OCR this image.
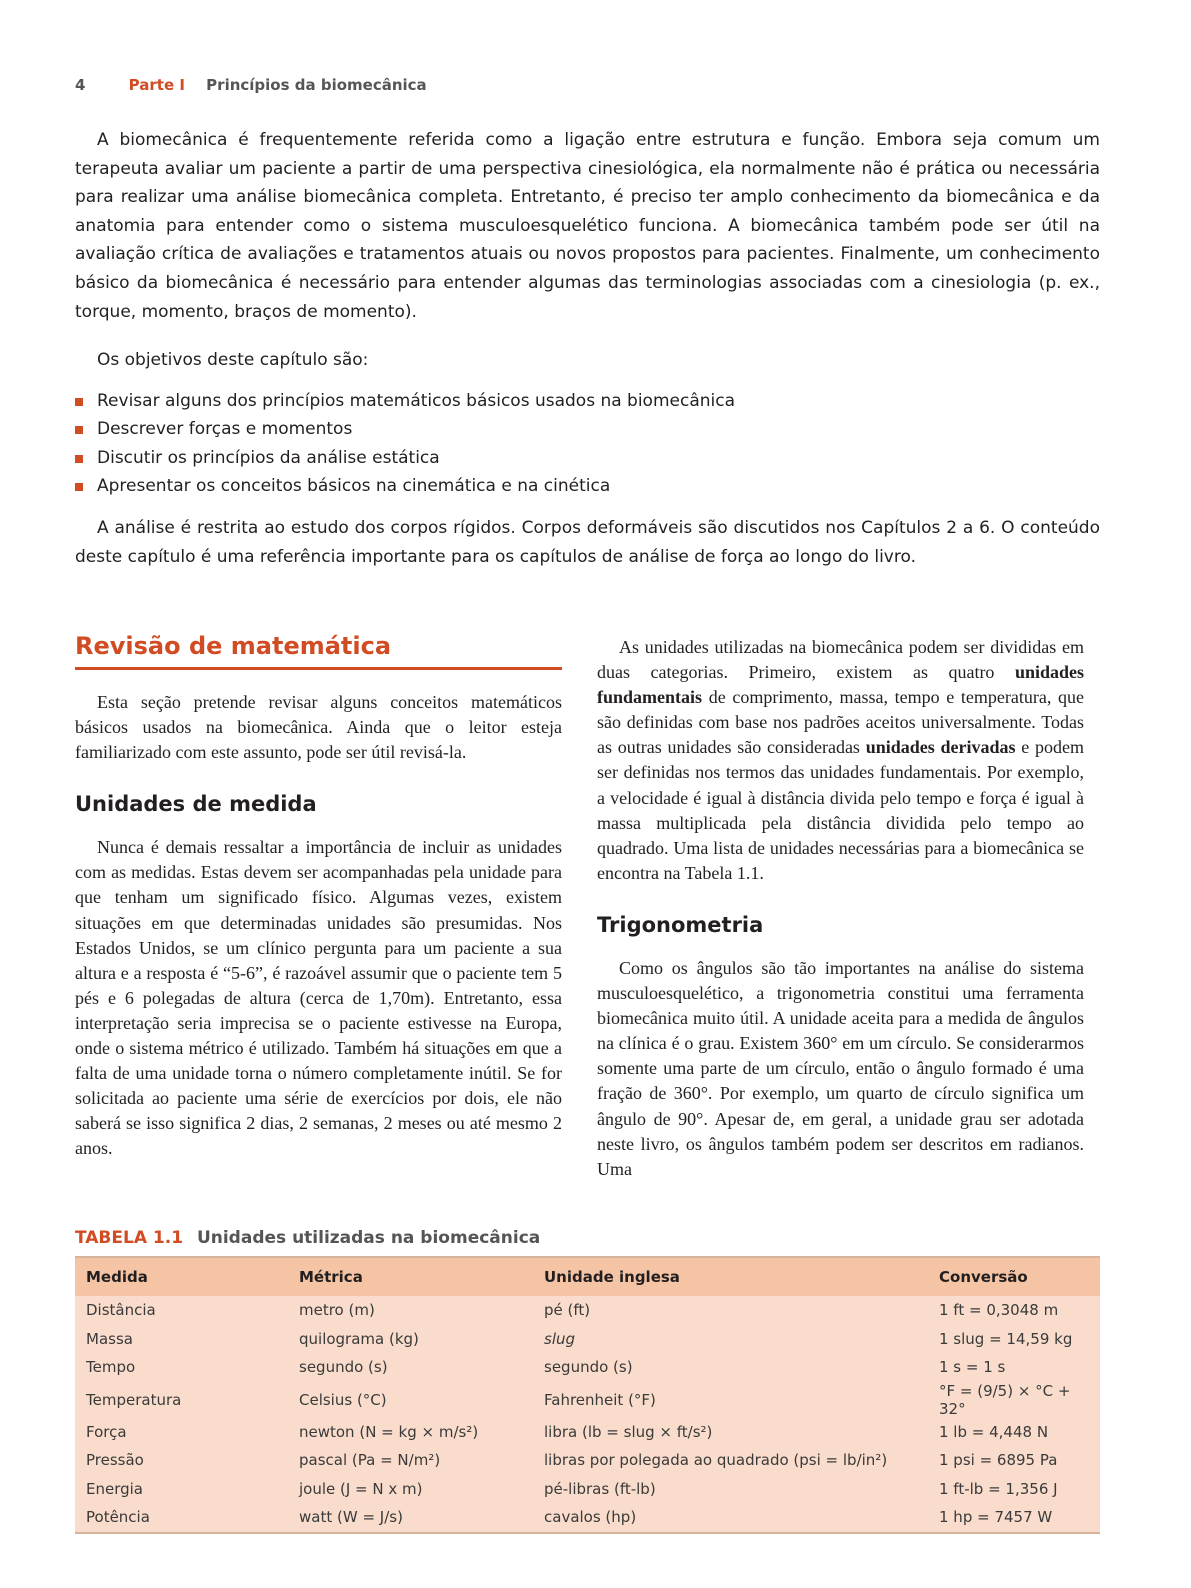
4	Parte I Princípios da biomecânica

A biomecânica é frequentemente referida como a ligação entre estrutura e função. Embora seja comum um terapeuta avaliar um paciente a partir de uma perspectiva cinesiológica, ela normalmente não é prática ou necessária para realizar uma análise biomecânica completa. Entretanto, é preciso ter amplo conhecimento da biomecânica e da anatomia para entender como o sistema musculoesquelético funciona. A biomecânica também pode ser útil na avaliação crítica de avaliações e tratamentos atuais ou novos propostos para pacientes. Finalmente, um conhecimento básico da biomecânica é necessário para entender algumas das terminologias associadas com a cinesiologia (p. ex., torque, momento, braços de momento).

Os objetivos deste capítulo são:

Revisar alguns dos princípios matemáticos básicos usados na biomecânica
Descrever forças e momentos
Discutir os princípios da análise estática
Apresentar os conceitos básicos na cinemática e na cinética

A análise é restrita ao estudo dos corpos rígidos. Corpos deformáveis são discutidos nos Capítulos 2 a 6. O conteúdo deste capítulo é uma referência importante para os capítulos de análise de força ao longo do livro.

Revisão de matemática

Esta seção pretende revisar alguns conceitos matemáticos básicos usados na biomecânica. Ainda que o leitor esteja familiarizado com este assunto, pode ser útil revisá-la.

Unidades de medida

Nunca é demais ressaltar a importância de incluir as unidades com as medidas. Estas devem ser acompanhadas pela unidade para que tenham um significado físico. Algumas vezes, existem situações em que determinadas unidades são presumidas. Nos Estados Unidos, se um clínico pergunta para um paciente a sua altura e a resposta é “5-6”, é razoável assumir que o paciente tem 5 pés e 6 polegadas de altura (cerca de 1,70m). Entretanto, essa interpretação seria imprecisa se o paciente estivesse na Europa, onde o sistema métrico é utilizado. Também há situações em que a falta de uma unidade torna o número completamente inútil. Se for solicitada ao paciente uma série de exercícios por dois, ele não saberá se isso significa 2 dias, 2 semanas, 2 meses ou até mesmo 2 anos.

As unidades utilizadas na biomecânica podem ser divididas em duas categorias. Primeiro, existem as quatro unidades fundamentais de comprimento, massa, tempo e temperatura, que são definidas com base nos padrões aceitos universalmente. Todas as outras unidades são consideradas unidades derivadas e podem ser definidas nos termos das unidades fundamentais. Por exemplo, a velocidade é igual à distância divida pelo tempo e força é igual à massa multiplicada pela distância dividida pelo tempo ao quadrado. Uma lista de unidades necessárias para a biomecânica se encontra na Tabela 1.1.

Trigonometria

Como os ângulos são tão importantes na análise do sistema musculoesquelético, a trigonometria constitui uma ferramenta biomecânica muito útil. A unidade aceita para a medida de ângulos na clínica é o grau. Existem 360° em um círculo. Se considerarmos somente uma parte de um círculo, então o ângulo formado é uma fração de 360°. Por exemplo, um quarto de círculo significa um ângulo de 90°. Apesar de, em geral, a unidade grau ser adotada neste livro, os ângulos também podem ser descritos em radianos. Uma

TABELA 1.1 Unidades utilizadas na biomecânica
Medida	Métrica	Unidade inglesa	Conversão
Distância	metro (m)	pé (ft)	1 ft = 0,3048 m
Massa	quilograma (kg)	slug	1 slug = 14,59 kg
Tempo	segundo (s)	segundo (s)	1 s = 1 s
Temperatura	Celsius (°C)	Fahrenheit (°F)	°F = (9/5) × °C + 32°
Força	newton (N = kg × m/s²)	libra (lb = slug × ft/s²)	1 lb = 4,448 N
Pressão	pascal (Pa = N/m²)	libras por polegada ao quadrado (psi = lb/in²)	1 psi = 6895 Pa
Energia	joule (J = N x m)	pé-libras (ft-lb)	1 ft-lb = 1,356 J
Potência	watt (W = J/s)	cavalos (hp)	1 hp = 7457 W
